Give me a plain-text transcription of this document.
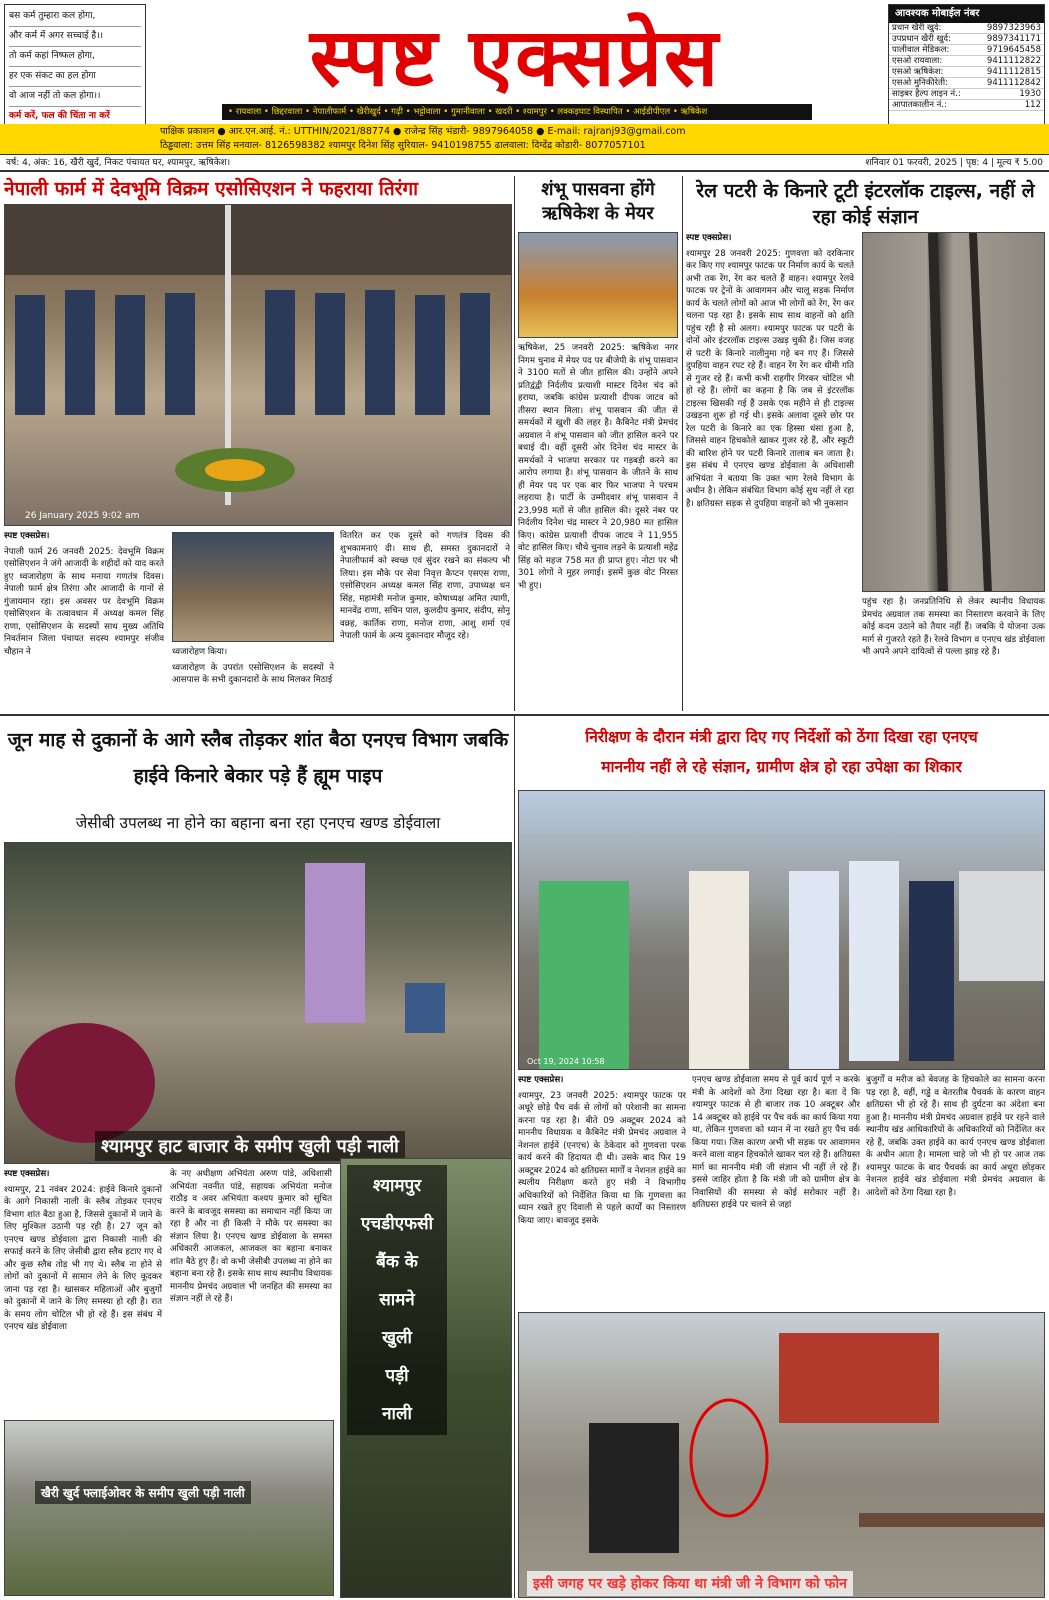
बस कर्म तुम्हारा कल होगा,
और कर्म में अगर सच्चाई है।।
तो कर्म कहां निष्फल होगा,
हर एक संकट का हल होगा
वो आज नहीं तो कल होगा।।
कर्म करें, फल की चिंता ना करें
स्पष्ट एक्सप्रेस
• रायवाला • छिद्दरवाला • नेपालीफार्म • खैरीखुर्द • गढ़ी • भट्टोवाला • गुमानीवाला • खदरी • श्यामपुर • लक्कड़घाट विस्थापित • आईडीपीएल • ऋषिकेश
आवश्यक मोबाईल नंबर
प्रधान खैरी खुर्द:	9897323963
उपप्रधान खैरी खुर्द:	9897341171
पालीवाल मेडिकल:	9719645458
एसओ रायवाला:	9411112822
एसओ ऋषिकेश:	9411112815
एसओ मुनिकीरेती:	9411112842
साइबर हैल्प लाइन नं.:	1930
आपातकालीन नं.:	112
पाक्षिक प्रकाशन ● आर.एन.आई. नं.: UTTHIN/2021/88774 ● राजेन्द्र सिंह भंडारी- 9897964058 ● E-mail: rajranj93@gmail.com
ठिड्ढवाला: उत्तम सिंह मनवाल- 8126598382 श्यामपुर दिनेश सिंह सुरियाल- 9410198755 ढालवाला: दिग्देंद्र कोडारी- 8077057101
वर्ष: 4, अंक: 16, खैरी खुर्द, निकट पंचायत घर, श्यामपुर, ऋषिकेश।	शनिवार 01 फरवरी, 2025 | पृष्ठ: 4 | मूल्य ₹ 5.00
नेपाली फार्म में देवभूमि विक्रम एसोसिएशन ने फहराया तिरंगा
26 January 2025 9:02 am

स्पष्ट एक्सप्रेस।

नेपाली फार्म 26 जनवरी 2025: देवभूमि विक्रम एसोसिएशन ने जंगे आजादी के शहीदों को याद करते हुए ध्वजारोहण के साथ मनाया गणतंत्र दिवस। नेपाली फार्म क्षेत्र तिरंगा और आजादी के गानों से गुंजायमान रहा। इस अवसर पर देवभूमि विक्रम एसोसिएशन के तत्वावधान में अध्यक्ष कमल सिंह राणा, एसोसिएशन के सदस्यों साथ मुख्य अतिथि निवर्तमान जिला पंचायत सदस्य श्यामपुर संजीव चौहान ने	ध्वजारोहण किया।

ध्वजारोहण के उपरांत एसोसिएशन के सदस्यों ने आसपास के सभी दुकानदारों के साथ मिलकर मिठाई

वितरित कर एक दूसरे को गणतंत्र दिवस की शुभकामनाएं दी। साथ ही, समस्त दुकानदारों ने नेपालीफार्म को स्वच्छ एवं सुंदर रखने का संकल्प भी लिया। इस मौके पर सेवा निवृत्त कैप्टन एसएस राणा, एसोसिएशन अध्यक्ष कमल सिंह राणा, उपाध्यक्ष धन सिंह, महामंत्री मनोज कुमार, कोषाध्यक्ष अमित त्यागी, मानवेंद्र राणा, सचिन पाल, कुलदीप कुमार, संदीप, सोनू वक्र्ह, कार्तिक राणा, मनोज राणा, आशु शर्मा एवं नेपाली फार्म के अन्य दुकानदार मौजूद रहे।

शंभू पासवना होंगे
ऋषिकेश के मेयर

ऋषिकेश, 25 जनवरी 2025: ऋषिकेश नगर निगम चुनाव में मेयर पद पर बीजेपी के शंभू पासवान ने 3100 मतों से जीत हासिल की। उन्होंने अपने प्रतिद्वंद्वी निर्दलीय प्रत्याशी मास्टर दिनेश चंद को हराया, जबकि कांग्रेस प्रत्याशी दीपक जाटव को तीसरा स्थान मिला। शंभू पासवान की जीत से समर्थकों में खुशी की लहर है। कैबिनेट मंत्री प्रेमचंद अग्रवाल ने शंभू पासवान को जीत हासिल करने पर बधाई दी। वहीं दूसरी ओर दिनेश चंद मास्टर के समर्थकों ने भाजपा सरकार पर गड़बड़ी करने का आरोप लगाया है। शंभू पासवान के जीतने के साथ ही मेयर पद पर एक बार फिर भाजपा ने परचम लहराया है। पार्टी के उम्मीदवार शंभू पासवान ने 23,998 मतों से जीत हासिल की। दूसरे नंबर पर निर्दलीय दिनेश चंद्र मास्टर ने 20,980 मत हासिल किए। कांग्रेस प्रत्याशी दीपक जाटव ने 11,955 वोट हासिल किए। चौथे चुनाव लड़ने के प्रत्याशी महेंद्र सिंह को महज 758 मत ही प्राप्त हुए। नोटा पर भी 301 लोगों ने मुहर लगाई। इसमें कुछ वोट निरस्त भी हुए।

रेल पटरी के किनारे टूटी इंटरलॉक टाइल्स, नहीं ले रहा कोई संज्ञान

स्पष्ट एक्सप्रेस।

श्यामपुर 28 जनवरी 2025: गुणवत्ता को दरकिनार कर किए गए श्यामपुर फाटक पर निर्माण कार्य के चलते अभी तक रेंग, रेंग कर चलते हैं वाहन। श्यामपुर रेलवे फाटक पर ट्रेनों के आवागमन और चालू सड़क निर्माण कार्य के चलते लोगों को आज भी लोगों को रेंग, रेंग कर चलना पड़ रहा है। इसके साथ साथ वाहनों को क्षति पहुंच रही है सो अलग। श्यामपुर फाटक पर पटरी के दोनों ओर इंटरलॉक टाइल्स उखड़ चुकी हैं। जिस वजह से पटरी के किनारे नालीनुमा गहे बन गए हैं। जिससे दुपहिया वाहन रपट रहे हैं। वाहन रेंग रेंग कर धीमी गति से गुजर रहे हैं। कभी कभी राहगीर गिरकर चोटिल भी हो रहे हैं। लोगों का कहना है कि जब से इंटरलॉक टाइल्स खिसकी गई हैं उसके एक महीने से ही टाइल्स उखड़ना शुरू हो गई थी। इसके अलावा दूसरे छोर पर रेल पटरी के किनारे का एक हिस्सा धंसा हुआ है, जिससे वाहन हिचकोले खाकर गुजर रहे हैं, और स्कूटी की बारिश होने पर पटरी किनारे तालाब बन जाता है। इस संबंध में एनएच खण्ड डोईवाला के अधिशासी अभियंता ने बताया कि उक्त भाग रेलवे विभाग के अधीन है। लेकिन संबंधित विभाग कोई सुध नहीं ले रहा है। क्षतिग्रस्त सड़क से दुपहिया वाहनों को भी नुकसान

पहुंच रहा है। जनप्रतिनिधि से लेकर स्थानीय विधायक प्रेमचंद अग्रवाल तक समस्या का निस्तारण करवाने के लिए कोई कदम उठाने को तैयार नहीं हैं। जबकि ये योजना उत्क मार्ग से गुजरते रहते हैं। रेलवे विभाग व एनएच खंड डोईवाला भी अपने अपने दायित्वों से पल्ला झाड़ रहे हैं।

जून माह से दुकानों के आगे स्लैब तोड़कर शांत बैठा एनएच विभाग जबकि हाईवे किनारे बेकार पड़े हैं ह्यूम पाइप
जेसीबी उपलब्ध ना होने का बहाना बना रहा एनएच खण्ड डोईवाला
श्यामपुर हाट बाजार के समीप खुली पड़ी नाली

स्पष्ट एक्सप्रेस।

श्यामपुर, 21 नवंबर 2024: हाईवे किनारे दुकानों के आगे निकासी नाली के स्लैब तोड़कर एनएच विभाग शांत बैठा हुआ है, जिससे दुकानों में जाने के लिए मुश्किल उठानी पड़ रही है। 27 जून को एनएच खण्ड डोईवाला द्वारा निकासी नाली की सफाई करने के लिए जेसीबी द्वारा स्लैब हटाए गए थे और कुछ स्लैब तोड़ भी गए थे। स्लैब ना होने से लोगों को दुकानों में सामान लेने के लिए कूदकर जाना पड़ रहा है। खासकर महिलाओं और बुजुर्गों को दुकानों में जाने के लिए समस्या हो रही है। रात के समय लोग चोटिल भी हो रहे हैं। इस संबंध में एनएच खंड डोईवाला

के नए अधीक्षण अभियंता अरुण पांडे, अधिशासी अभियंता नवनीत पांडे, सहायक अभियंता मनोज राठौड़ व अवर अभियंता कश्यप कुमार को सूचित करने के बावजूद समस्या का समाधान नहीं किया जा रहा है और ना ही किसी ने मौके पर समस्या का संज्ञान लिया है। एनएच खण्ड डोईवाला के समस्त अधिकारी आजकल, आजकल का बहाना बनाकर शांत बैठे हुए हैं। वो कभी जेसीबी उपलब्ध ना होने का बहाना बना रहे हैं। इसके साथ साथ स्थानीय विधायक माननीय प्रेमचंद अग्रवाल भी जनहित की समस्या का संज्ञान नहीं ले रहे हैं।

श्यामपुर
एचडीएफसी
बैंक के
सामने
खुली
पड़ी
नाली
खैरी खुर्द फ्लाईओवर के समीप खुली पड़ी नाली
निरीक्षण के दौरान मंत्री द्वारा दिए गए निर्देशों को ठेंगा दिखा रहा एनएच
माननीय नहीं ले रहे संज्ञान, ग्रामीण क्षेत्र हो रहा उपेक्षा का शिकार
Oct 19, 2024 10:58

स्पष्ट एक्सप्रेस।

श्यामपुर, 23 जनवरी 2025: श्यामपुर फाटक पर अधूरे छोड़े पैच वर्क से लोगों को परेशानी का सामना करना पड़ रहा है। बीते 09 अक्टूबर 2024 को माननीय विधायक व कैबिनेट मंत्री प्रेमचंद अग्रवाल ने नेशनल हाईवे (एनएच) के ठेकेदार को गुणवत्ता परक कार्य करने की हिदायत दी थी। उसके बाद फिर 19 अक्टूबर 2024 को क्षतिग्रस्त मार्गों व नेशनल हाईवे का स्थलीय निरीक्षण करते हुए मंत्री ने विभागीय अधिकारियों को निर्देशित किया था कि गुणवत्ता का ध्यान रखते हुए दिवाली से पहले कार्यों का निस्तारण किया जाए। बावजूद इसके

एनएच खण्ड डोईवाला समय से पूर्व कार्य पूर्ण न करके मंत्री के आदेशों को ठेंगा दिखा रहा है। बता दें कि श्यामपुर फाटक से ही बाजार तक 10 अक्टूबर और 14 अक्टूबर को हाईवे पर पैच वर्क का कार्य किया गया था, लेकिन गुणवत्ता को ध्यान में ना रखते हुए पैच वर्क किया गया। जिस कारण अभी भी सड़क पर आवागमन करने वाला वाहन हिचकोले खाकर चल रहे हैं। क्षतिग्रस्त मार्ग का माननीय मंत्री जी संज्ञान भी नहीं ले रहे हैं। इससे जाहिर होता है कि मंत्री जी को ग्रामीण क्षेत्र के निवासियों की समस्या से कोई सरोकार नहीं है। क्षतिग्रस्त हाईवे पर चलने से जहां

बुजुर्गों व मरीज को बेवजह के हिचकोले का सामना करना पड़ रहा है, वहीं, गड्ढे व बेतरतीब पैचवर्क के कारण वाहन क्षतिग्रस्त भी हो रहे हैं। साथ ही दुर्घटना का अंदेशा बना हुआ है। माननीय मंत्री प्रेमचंद अग्रवाल हाईवे पर रहने वाले स्थानीय खंड आधिकारियों के अधिकारियों को निर्देशित कर रहे हैं, जबकि उक्त हाईवे का कार्य एनएच खण्ड डोईवाला के अधीन आता है। मामला चाहे जो भी हो पर आज तक श्यामपुर फाटक के बाद पैचवर्क का कार्य अधूरा छोड़कर नेशनल हाईवे खंड डोईवाला मंत्री प्रेमचंद अग्रवाल के आदेशों को ठेंगा दिखा रहा है।

इसी जगह पर खड़े होकर किया था मंत्री जी ने विभाग को फोन
